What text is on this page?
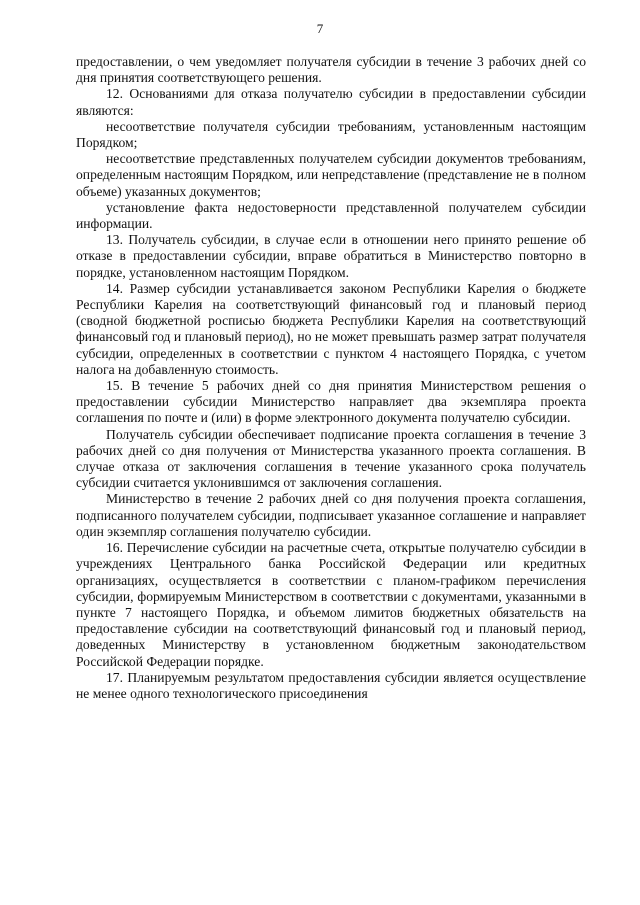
7

предоставлении, о чем уведомляет получателя субсидии в течение 3 рабочих дней со дня принятия соответствующего решения.

12. Основаниями для отказа получателю субсидии в предоставлении субсидии являются:

несоответствие получателя субсидии требованиям, установленным настоящим Порядком;

несоответствие представленных получателем субсидии документов требованиям, определенным настоящим Порядком, или непредставление (представление не в полном объеме) указанных документов;

установление факта недостоверности представленной получателем субсидии информации.

13. Получатель субсидии, в случае если в отношении него принято решение об отказе в предоставлении субсидии, вправе обратиться в Министерство повторно в порядке, установленном настоящим Порядком.

14. Размер субсидии устанавливается законом Республики Карелия о бюджете Республики Карелия на соответствующий финансовый год и плановый период (сводной бюджетной росписью бюджета Республики Карелия на соответствующий финансовый год и плановый период), но не может превышать размер затрат получателя субсидии, определенных в соответствии с пунктом 4 настоящего Порядка, с учетом налога на добавленную стоимость.

15. В течение 5 рабочих дней со дня принятия Министерством решения о предоставлении субсидии Министерство направляет два экземпляра проекта соглашения по почте и (или) в форме электронного документа получателю субсидии.

Получатель субсидии обеспечивает подписание проекта соглашения в течение 3 рабочих дней со дня получения от Министерства указанного проекта соглашения. В случае отказа от заключения соглашения в течение указанного срока получатель субсидии считается уклонившимся от заключения соглашения.

Министерство в течение 2 рабочих дней со дня получения проекта соглашения, подписанного получателем субсидии, подписывает указанное соглашение и направляет один экземпляр соглашения получателю субсидии.

16. Перечисление субсидии на расчетные счета, открытые получателю субсидии в учреждениях Центрального банка Российской Федерации или кредитных организациях, осуществляется в соответствии с планом-графиком перечисления субсидии, формируемым Министерством в соответствии с документами, указанными в пункте 7 настоящего Порядка, и объемом лимитов бюджетных обязательств на предоставление субсидии на соответствующий финансовый год и плановый период, доведенных Министерству в установленном бюджетным законодательством Российской Федерации порядке.

17. Планируемым результатом предоставления субсидии является осуществление не менее одного технологического присоединения
